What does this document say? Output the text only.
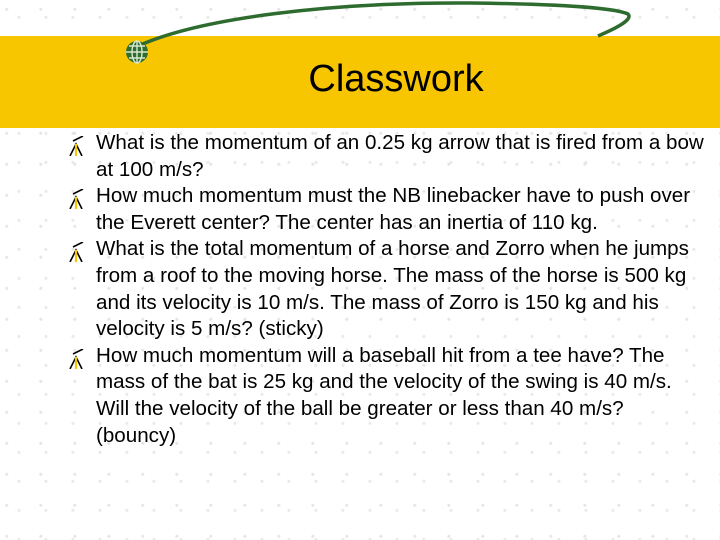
Classwork
What is the momentum of an 0.25 kg arrow that is fired from a bow at 100 m/s?
How much momentum must the NB linebacker have to push over the Everett center? The center has an inertia of 110 kg.
What is the total momentum of a horse and Zorro when he jumps from a roof to the moving horse. The mass of the horse is 500 kg and its velocity is 10 m/s. The mass of Zorro is 150 kg and his velocity is 5 m/s? (sticky)
How much momentum will a baseball hit from a tee have? The mass of the bat is 25 kg and the velocity of the swing is 40 m/s. Will the velocity of the ball be greater or less than 40 m/s? (bouncy)
